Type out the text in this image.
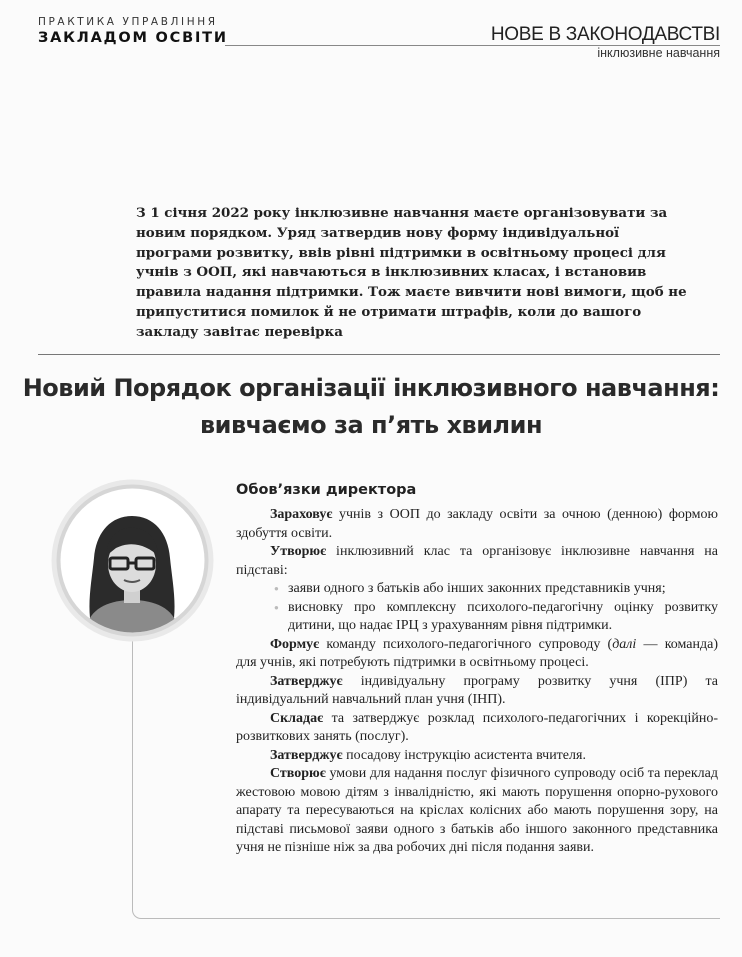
ПРАКТИКА УПРАВЛІННЯ
ЗАКЛАДОМ ОСВІТИ	НОВЕ В ЗАКОНОДАВСТВІ
інклюзивне навчання
З 1 січня 2022 року інклюзивне навчання маєте організовувати за новим порядком. Уряд затвердив нову форму індивідуальної програми розвитку, ввів рівні підтримки в освітньому процесі для учнів з ООП, які навчаються в інклюзивних класах, і встановив правила надання підтримки. Тож маєте вивчити нові вимоги, щоб не припуститися помилок й не отримати штрафів, коли до вашого закладу завітає перевірка
Новий Порядок організації інклюзивного навчання:
вивчаємо за п’ять хвилин
Обов’язки директора

Зараховує учнів з ООП до закладу освіти за очною (денною) формою здобуття освіти.

Утворює інклюзивний клас та організовує інклюзивне навчання на підставі:

● заяви одного з батьків або інших законних представників учня;
● висновку про комплексну психолого-педагогічну оцінку розвитку дитини, що надає ІРЦ з урахуванням рівня підтримки.

Формує команду психолого-педагогічного супроводу (далі — команда) для учнів, які потребують підтримки в освітньому процесі.

Затверджує індивідуальну програму розвитку учня (ІПР) та індивідуальний навчальний план учня (ІНП).

Складає та затверджує розклад психолого-педагогічних і корекційно-розвиткових занять (послуг).

Затверджує посадову інструкцію асистента вчителя.

Створює умови для надання послуг фізичного супроводу осіб та переклад жестовою мовою дітям з інвалідністю, які мають порушення опорно-рухового апарату та пересуваються на кріслах колісних або мають порушення зору, на підставі письмової заяви одного з батьків або іншого законного представника учня не пізніше ніж за два робочих дні після подання заяви.
